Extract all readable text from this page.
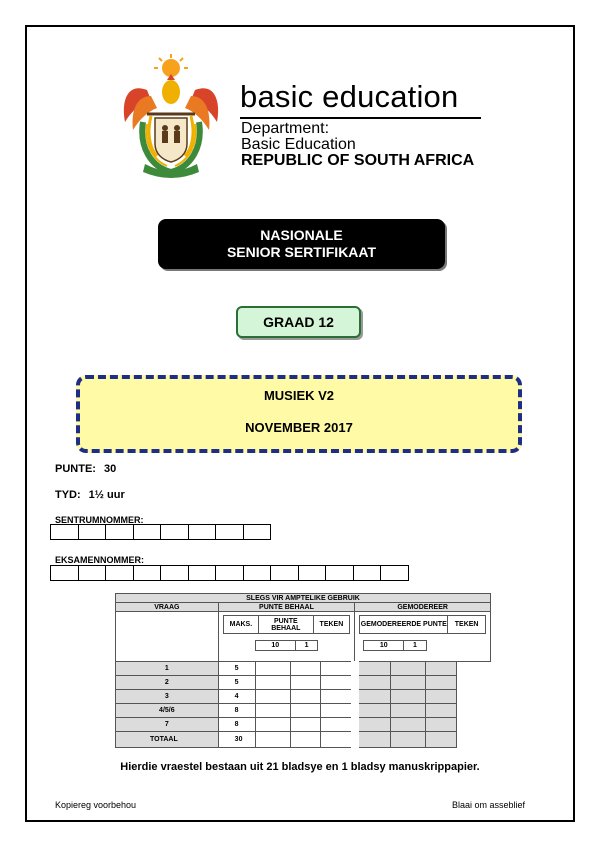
basic education
Department:
Basic Education
REPUBLIC OF SOUTH AFRICA
NASIONALE
SENIOR SERTIFIKAAT
GRAAD 12
MUSIEK V2
NOVEMBER 2017
PUNTE: 30
TYD: 1½ uur
SENTRUMNOMMER:
EKSAMENNOMMER:
SLEGS VIR AMPTELIKE GEBRUIK
VRAAG	PUNTE BEHAAL	GEMODEREER

MAKS.	PUNTE BEHAAL	TEKEN
10	1

GEMODEREERDE PUNTE	TEKEN
10	1

1	5							
2	5							
3	4							
4/5/6	8							
7	8							
TOTAAL	30							
Hierdie vraestel bestaan uit 21 bladsye en 1 bladsy manuskrippapier.
Kopiereg voorbehou	Blaai om asseblief
